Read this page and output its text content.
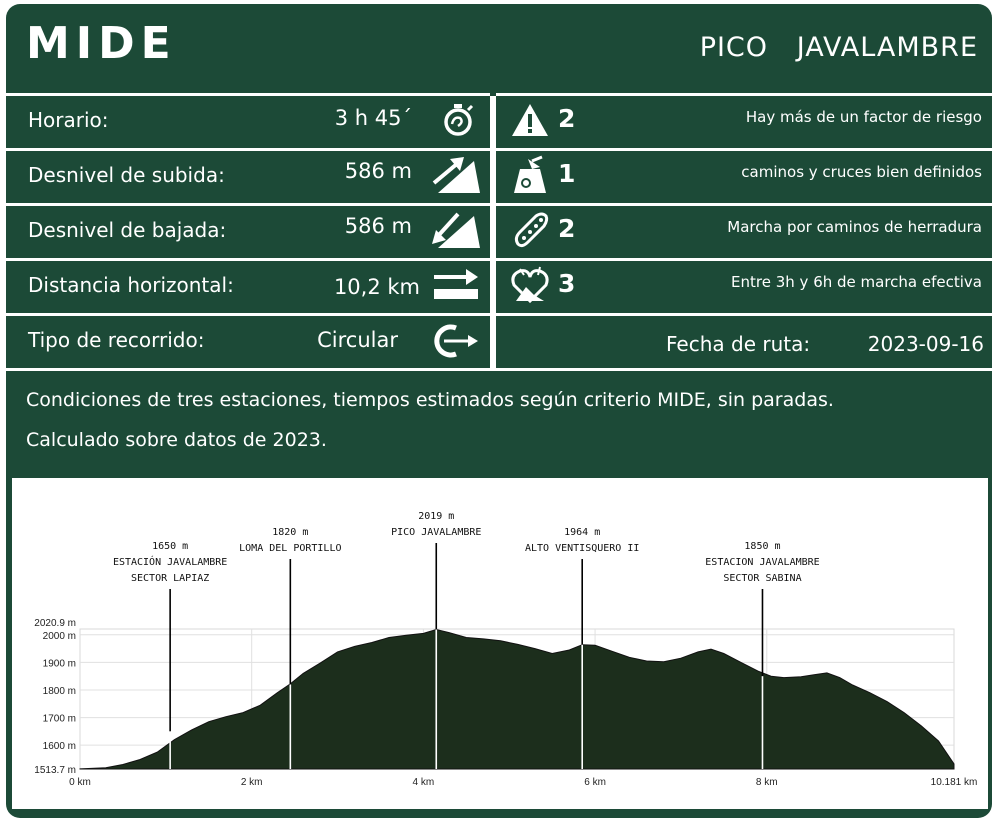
MIDE	PICO   JAVALAMBRE
Horario:	3 h 45´	2	Hay más de un factor de riesgo
Desnivel de subida:	586 m	1	caminos y cruces bien definidos
Desnivel de bajada:	586 m	2	Marcha por caminos de herradura
Distancia horizontal:	10,2 km	3	Entre 3h y 6h de marcha efectiva
Tipo de recorrido:	Circular	Fecha de ruta:	2023-09-16
Condiciones de tres estaciones, tiempos estimados según criterio MIDE, sin paradas.
Calculado sobre datos de 2023.
1650 m
ESTACIÓN JAVALAMBRE
SECTOR LAPIAZ
1820 m
LOMA DEL PORTILLO
2019 m
PICO JAVALAMBRE	1964 m
ALTO VENTISQUERO II	1850 m
ESTACION JAVALAMBRE
SECTOR SABINA
1513.7 m
1600 m
1700 m
1800 m
1900 m
2000 m
2020.9 m
0 km	2 km	4 km	6 km	8 km	10.181 km
